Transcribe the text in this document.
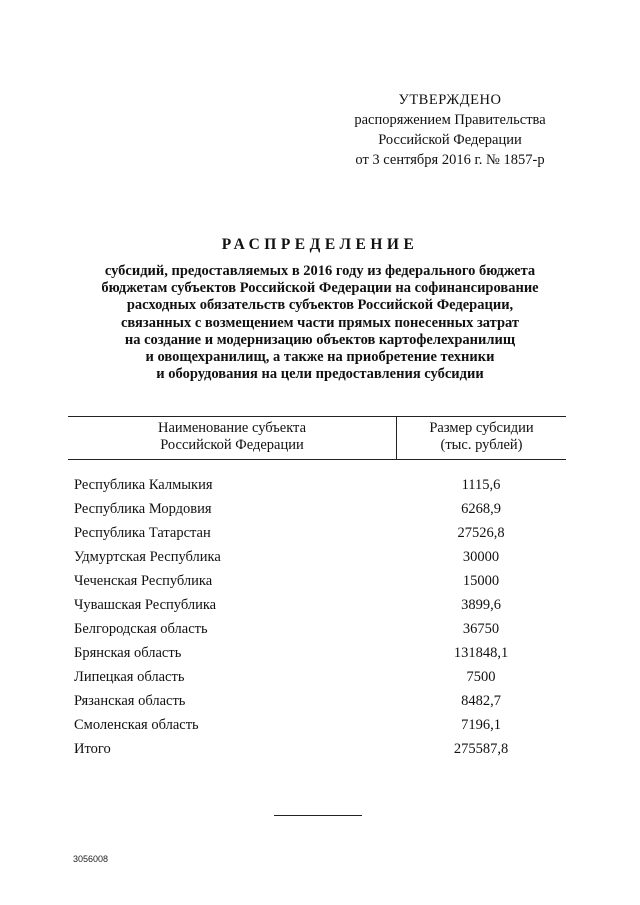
УТВЕРЖДЕНО
распоряжением Правительства
Российской Федерации
от 3 сентября 2016 г. № 1857-р
РАСПРЕДЕЛЕНИЕ
субсидий, предоставляемых в 2016 году из федерального бюджета
бюджетам субъектов Российской Федерации на софинансирование
расходных обязательств субъектов Российской Федерации,
связанных с возмещением части прямых понесенных затрат
на создание и модернизацию объектов картофелехранилищ
и овощехранилищ, а также на приобретение техники
и оборудования на цели предоставления субсидии
Наименование субъекта
Российской Федерации
Размер субсидии
(тыс. рублей)
Республика Калмыкия	1115,6
Республика Мордовия	6268,9
Республика Татарстан	27526,8
Удмуртская Республика	30000
Чеченская Республика	15000
Чувашская Республика	3899,6
Белгородская область	36750
Брянская область	131848,1
Липецкая область	7500
Рязанская область	8482,7
Смоленская область	7196,1
Итого	275587,8
3056008
